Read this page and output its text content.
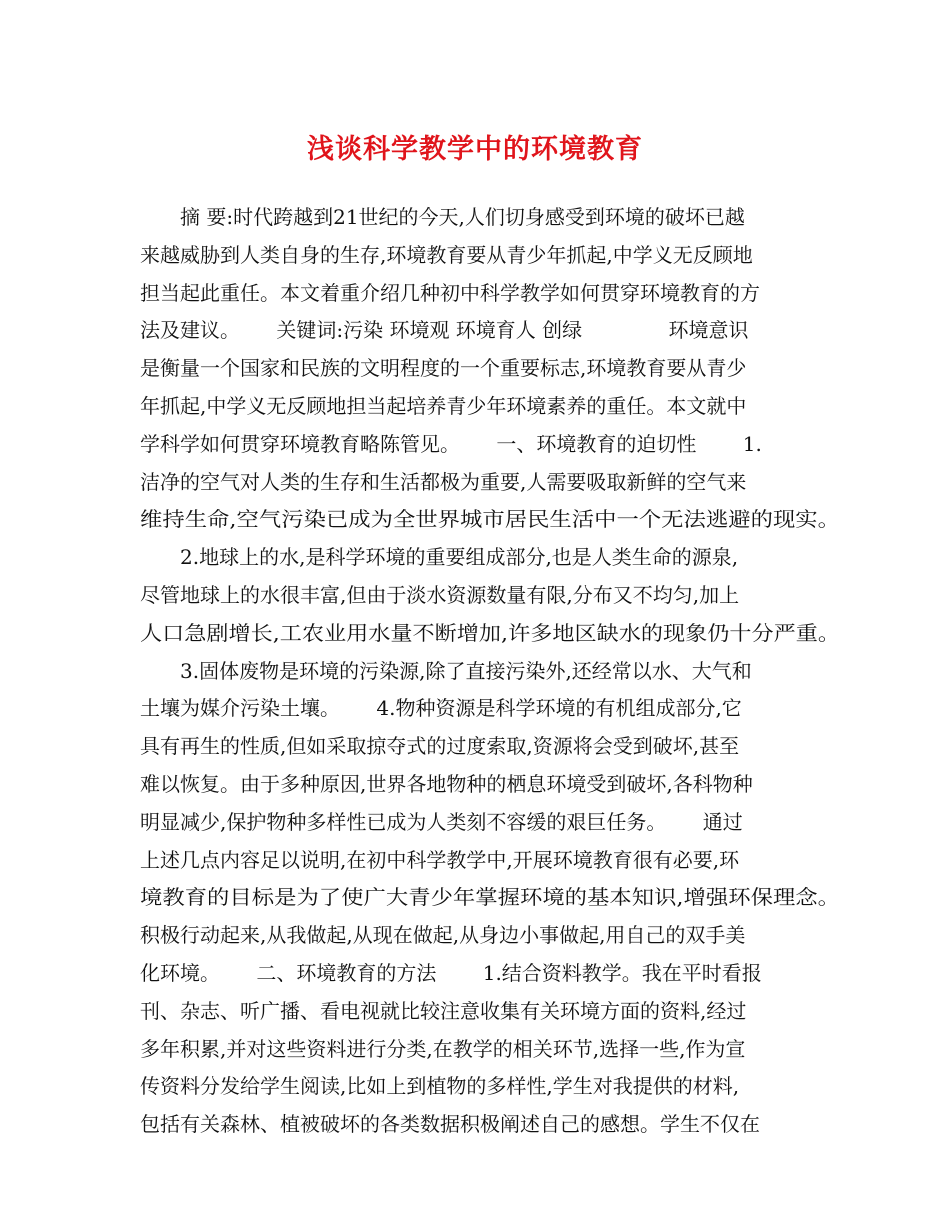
浅谈科学教学中的环境教育
　　摘 要:时代跨越到21世纪的今天,人们切身感受到环境的破坏已越
来越威胁到人类自身的生存,环境教育要从青少年抓起,中学义无反顾地
担当起此重任。本文着重介绍几种初中科学教学如何贯穿环境教育的方
法及建议。　　 关键词:污染 环境观 环境育人 创绿　　　　 环境意识
是衡量一个国家和民族的文明程度的一个重要标志,环境教育要从青少
年抓起,中学义无反顾地担当起培养青少年环境素养的重任。本文就中
学科学如何贯穿环境教育略陈管见。　　 一、环境教育的迫切性　　 1.
洁净的空气对人类的生存和生活都极为重要,人需要吸取新鲜的空气来
维持生命,空气污染已成为全世界城市居民生活中一个无法逃避的现实。
　　2.地球上的水,是科学环境的重要组成部分,也是人类生命的源泉,
尽管地球上的水很丰富,但由于淡水资源数量有限,分布又不均匀,加上
人口急剧增长,工农业用水量不断增加,许多地区缺水的现象仍十分严重。
　　3.固体废物是环境的污染源,除了直接污染外,还经常以水、大气和
土壤为媒介污染土壤。　　 4.物种资源是科学环境的有机组成部分,它
具有再生的性质,但如采取掠夺式的过度索取,资源将会受到破坏,甚至
难以恢复。由于多种原因,世界各地物种的栖息环境受到破坏,各科物种
明显减少,保护物种多样性已成为人类刻不容缓的艰巨任务。　　 通过
上述几点内容足以说明,在初中科学教学中,开展环境教育很有必要,环
境教育的目标是为了使广大青少年掌握环境的基本知识,增强环保理念。
积极行动起来,从我做起,从现在做起,从身边小事做起,用自己的双手美
化环境。　　 二、环境教育的方法　　 1.结合资料教学。我在平时看报
刊、杂志、听广播、看电视就比较注意收集有关环境方面的资料,经过
多年积累,并对这些资料进行分类,在教学的相关环节,选择一些,作为宣
传资料分发给学生阅读,比如上到植物的多样性,学生对我提供的材料,
包括有关森林、植被破坏的各类数据积极阐述自己的感想。学生不仅在
